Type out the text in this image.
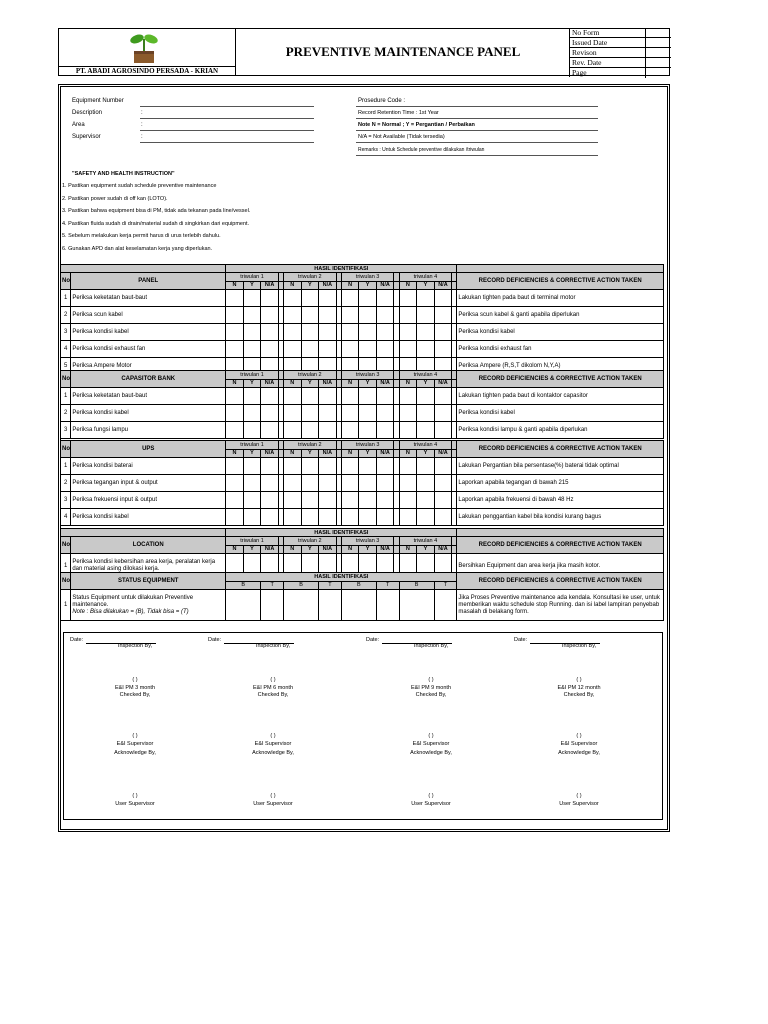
PT. ABADI AGROSINDO PERSADA - KRIAN
PREVENTIVE MAINTENANCE PANEL
No Form
Issued Date
Revison
Rev. Date
Page
Equipment Number
Description	:
Area	:
Supervisor	:
Prosedure Code :
Record Retention Time : 1st Year
Note N = Normal ; Y = Pergantian / Perbaikan
N/A = Not Available (Tidak tersedia)
Remarks : Untuk Schedule preventive dilakukan /triwulan
"SAFETY AND HEALTH INSTRUCTION"
1. Pastikan equipment sudah schedule preventive maintenance
2. Pastikan power sudah di off kan (LOTO).
3. Pastikan bahwa equipment bisa di PM, tidak ada tekanan pada line/vessel.
4. Pastikan fluida sudah di drain/material sudah di singkirkan dari equipment.
5. Sebelum melakukan kerja permit harus di urus terlebih dahulu.
6. Gunakan APD dan alat keselamatan kerja yang diperlukan.
		HASIL IDENTIFIKASI																
No	PANEL	triwulan 1				triwulan 2				triwulan 3				triwulan 4				RECORD DEFICIENCIES & CORRECTIVE ACTION TAKEN
		N	Y	N/A		N	Y	N/A		N	Y	N/A		N	Y	N/A		
1	Periksa keketatan baut-baut																	Lakukan tighten pada baut di terminal motor
2	Periksa scun kabel																	Periksa scun kabel & ganti apabila diperlukan
3	Periksa kondisi kabel																	Periksa kondisi kabel
4	Periksa kondisi exhaust fan																	Periksa kondisi exhaust fan
5	Periksa Ampere Motor																	Periksa Ampere (R,S,T dikolom N,Y,A)
No	CAPASITOR BANK	triwulan 1				triwulan 2				triwulan 3				triwulan 4				RECORD DEFICIENCIES & CORRECTIVE ACTION TAKEN
		N	Y	N/A		N	Y	N/A		N	Y	N/A		N	Y	N/A		
1	Periksa keketatan baut-baut																	Lakukan tighten pada baut di kontaktor capasitor
2	Periksa kondisi kabel																	Periksa kondisi kabel
3	Periksa fungsi lampu																	Periksa kondisi lampu & ganti apabila diperlukan
No	UPS	triwulan 1				triwulan 2				triwulan 3				triwulan 4				RECORD DEFICIENCIES & CORRECTIVE ACTION TAKEN
		N	Y	N/A		N	Y	N/A		N	Y	N/A		N	Y	N/A		
1	Periksa kondisi baterai																	Lakukan Pergantian bila persentase(%) baterai tidak optimal
2	Periksa tegangan input & output																	Laporkan apabila tegangan di bawah 215
3	Periksa frekuensi input & output																	Laporkan apabila frekuensi di bawah 48 Hz
4	Periksa kondisi kabel																	Lakukan penggantian kabel bila kondisi kurang bagus
		HASIL IDENTIFIKASI																
No	LOCATION	triwulan 1				triwulan 2				triwulan 3				triwulan 4				RECORD DEFICIENCIES & CORRECTIVE ACTION TAKEN
		N	Y	N/A		N	Y	N/A		N	Y	N/A		N	Y	N/A		
1	Periksa kondisi kebersihan area kerja, peralatan kerja dan material asing dilokasi kerja.																	Bersihkan Equipment dan area kerja jika masih kotor.
No	STATUS EQUIPMENT	HASIL IDENTIFIKASI								RECORD DEFICIENCIES & CORRECTIVE ACTION TAKEN
		B	T	B	T	B	T	B	T	
1	Status Equipment untuk dilakukan Preventive maintenance.
Note : Bisa dilakukan = (B), Tidak bisa = (T)									Jika Proses Preventive maintenance ada kendala. Konsultasi ke user, untuk memberikan waktu schedule stop Running. dan isi label lampiran penyebab masalah di belakang form.
Date:
Inspection By,
( )
E&I PM 3 month
Checked By,
( )
E&I Supervisor
Acknowledge By,
( )
User Supervisor
Date:
Inspection By,
( )
E&I PM 6 month
Checked By,
( )
E&I Supervisor
Acknowledge By,
( )
User Supervisor
Date:
Inspection By,
( )
E&I PM 9 month
Checked By,
( )
E&I Supervisor
Acknowledge By,
( )
User Supervisor
Date:
Inspection By,
( )
E&I PM 12 month
Checked By,
( )
E&I Supervisor
Acknowledge By,
( )
User Supervisor
